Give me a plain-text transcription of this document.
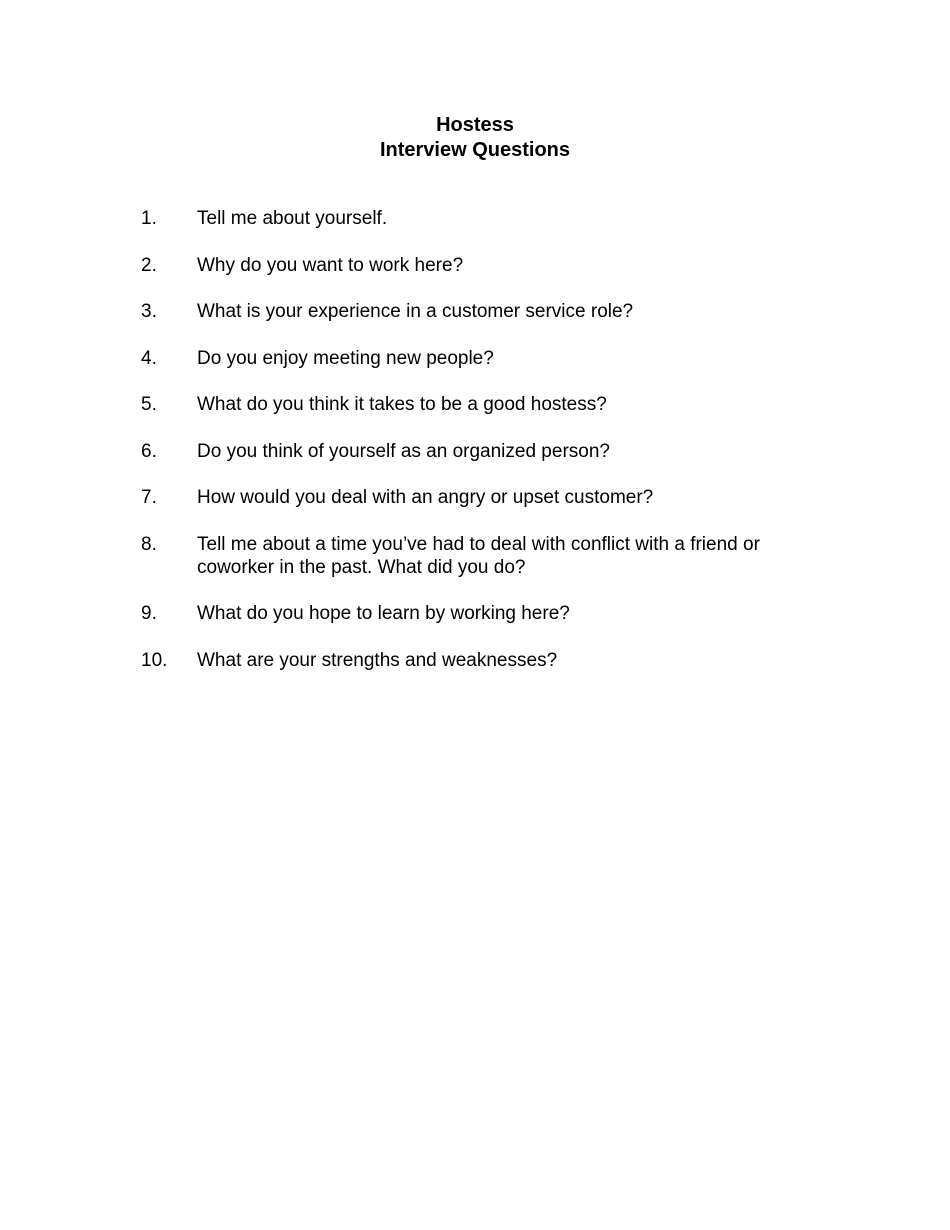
Hostess
Interview Questions
1.	Tell me about yourself.
2.	Why do you want to work here?
3.	What is your experience in a customer service role?
4.	Do you enjoy meeting new people?
5.	What do you think it takes to be a good hostess?
6.	Do you think of yourself as an organized person?
7.	How would you deal with an angry or upset customer?
8.	Tell me about a time you’ve had to deal with conflict with a friend or coworker in the past. What did you do?
9.	What do you hope to learn by working here?
10.	What are your strengths and weaknesses?
